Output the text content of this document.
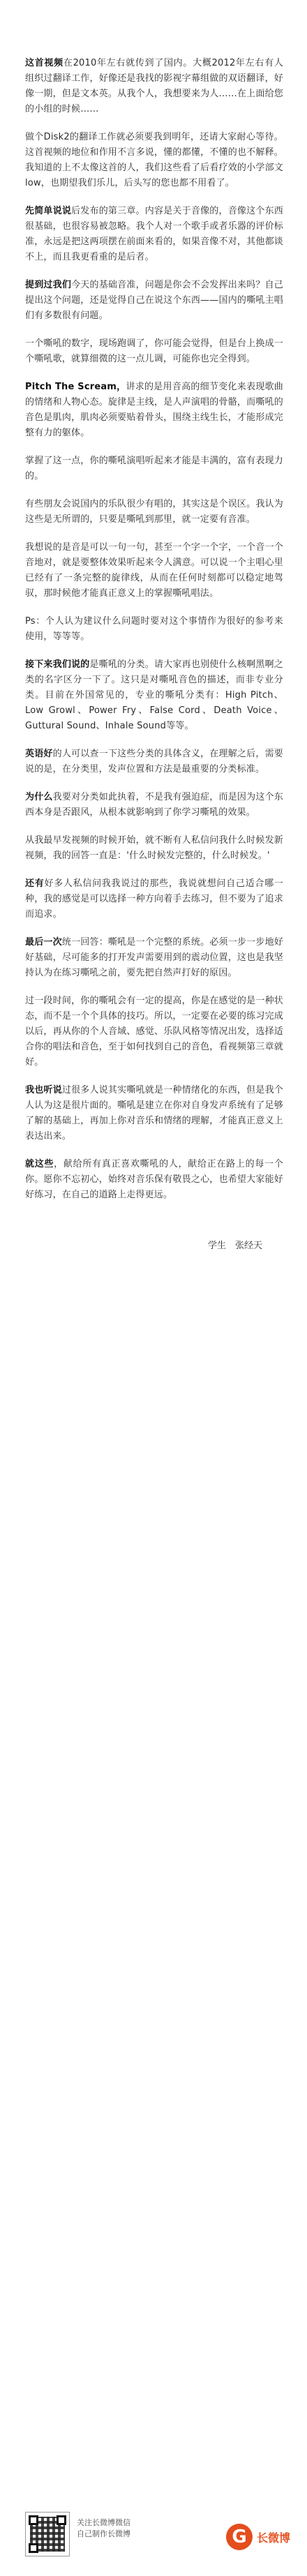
这首视频在2010年左右就传到了国内。大概2012年左右有人组织过翻译工作，好像还是我找的影视字幕组做的双语翻译，好像一期，但是文本英。从我个人，我想要来为人……在上面给您的小组的时候……

做个Disk2的翻译工作就必须要我到明年，还请大家耐心等待。这首视频的地位和作用不言多说，懂的都懂，不懂的也不解释。我知道的上不太像这首的人，我们这些看了后看疗效的小学部文low，也期望我们乐儿，后头写的您也都不用看了。

先简单说说后发布的第三章。内容是关于音像的，音像这个东西很基础，也很容易被忽略。我个人对一个歌手或者乐器的评价标准，永远是把这两项摆在前面来看的，如果音像不对，其他都谈不上，而且我更看重的是后者。

提到过我们今天的基础音准，问题是你会不会发挥出来吗？自己提出这个问题，还是觉得自己在说这个东西——国内的嘶吼主唱们有多数很有问题。

一个嘶吼的数字，现场跑调了，你可能会觉得，但是台上换成一个嘶吼歌，就算细微的这一点儿调，可能你也完全得到。

Pitch The Scream，讲求的是用音高的细节变化来表现歌曲的情绪和人物心态。旋律是主线，是人声演唱的骨骼，而嘶吼的音色是肌肉，肌肉必须要贴着骨头，围绕主线生长，才能形成完整有力的躯体。

掌握了这一点，你的嘶吼演唱听起来才能是丰满的，富有表现力的。

有些朋友会说国内的乐队很少有唱的，其实这是个误区。我认为这些是无所谓的，只要是嘶吼到那里，就一定要有音准。

我想说的是音是可以一句一句，甚至一个字一个字，一个音一个音地对，就是要整体效果听起来令人满意。可以说一个主唱心里已经有了一条完整的旋律线，从而在任何时刻都可以稳定地驾驭，那时候他才能真正意义上的掌握嘶吼唱法。

Ps：个人认为建议什么问题时要对这个事情作为很好的参考来使用，等等等。

接下来我们说的是嘶吼的分类。请大家再也别使什么核啊黑啊之类的名字区分一下了。这只是对嘶吼音色的描述，而非专业分类。目前在外国常见的，专业的嘶吼分类有：High Pitch、Low Growl、Power Fry、False Cord、Death Voice、Guttural Sound、Inhale Sound等等。

英语好的人可以查一下这些分类的具体含义，在理解之后，需要说的是，在分类里，发声位置和方法是最重要的分类标准。

为什么我要对分类如此执着，不是我有强迫症，而是因为这个东西本身是否跟风，从根本就影响到了你学习嘶吼的效果。

从我最早发视频的时候开始，就不断有人私信问我什么时候发新视频，我的回答一直是：'什么时候发完整的，什么时候发。'

还有好多人私信问我我说过的那些，我说就想问自己适合哪一种，我的感觉是可以选择一种方向着手去练习，但不要为了追求而追求。

最后一次统一回答：嘶吼是一个完整的系统。必须一步一步地好好基础，尽可能多的打开发声需要用到的震动位置，这也是我坚持认为在练习嘶吼之前，要先把自然声打好的原因。

过一段时间，你的嘶吼会有一定的提高，你是在感觉的是一种状态，而不是一个个具体的技巧。所以，一定要在必要的练习完成以后，再从你的个人音域、感觉、乐队风格等情况出发，选择适合你的唱法和音色，至于如何找到自己的音色，看视频第三章就好。

我也听说过很多人说其实嘶吼就是一种情绪化的东西，但是我个人认为这是很片面的。嘶吼是建立在你对自身发声系统有了足够了解的基础上，再加上你对音乐和情绪的理解，才能真正意义上表达出来。

就这些，献给所有真正喜欢嘶吼的人，献给正在路上的每一个你。愿你不忘初心，始终对音乐保有敬畏之心，也希望大家能好好练习，在自己的道路上走得更远。

学生　张经天
关注长微博微信
自己制作长微博	G 长微博
